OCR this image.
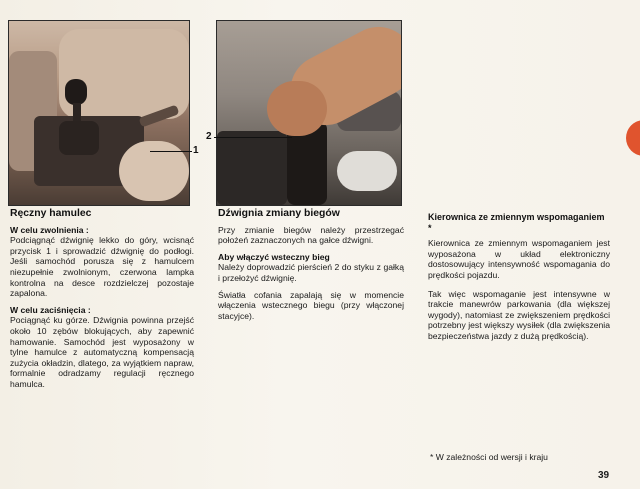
1
2
Ręczny hamulec
W celu zwolnienia :

Podciągnąć dźwignię lekko do góry, wcisnąć przycisk 1 i sprowadzić dźwignię do podłogi. Jeśli samochód porusza się z hamulcem niezupełnie zwolnionym, czerwona lampka kontrolna na desce rozdzielczej pozostaje zapalona.

W celu zaciśnięcia :

Pociągnąć ku górze. Dźwignia powinna przejść około 10 zębów blokujących, aby zapewnić hamowanie. Samochód jest wyposażony w tylne hamulce z automatyczną kompensacją zużycia okładzin, dlatego, za wyjątkiem napraw, formalnie odradzamy regulacji ręcznego hamulca.

Dźwignia zmiany biegów

Przy zmianie biegów należy przestrzegać położeń zaznaczonych na gałce dźwigni.

Aby włączyć wsteczny bieg

Należy doprowadzić pierścień 2 do styku z gałką i przełożyć dźwignię.

Światła cofania zapalają się w momencie włączenia wstecznego biegu (przy włączonej stacyjce).

Kierownica ze zmiennym wspomaganiem *

Kierownica ze zmiennym wspomaganiem jest wyposażona w układ elektroniczny dostosowujący intensywność wspomagania do prędkości pojazdu.

Tak więc wspomaganie jest intensywne w trakcie manewrów parkowania (dla większej wygody), natomiast ze zwiększeniem prędkości potrzebny jest większy wysiłek (dla zwiększenia bezpieczeństwa jazdy z dużą prędkością).

* W zależności od wersji i kraju
39
